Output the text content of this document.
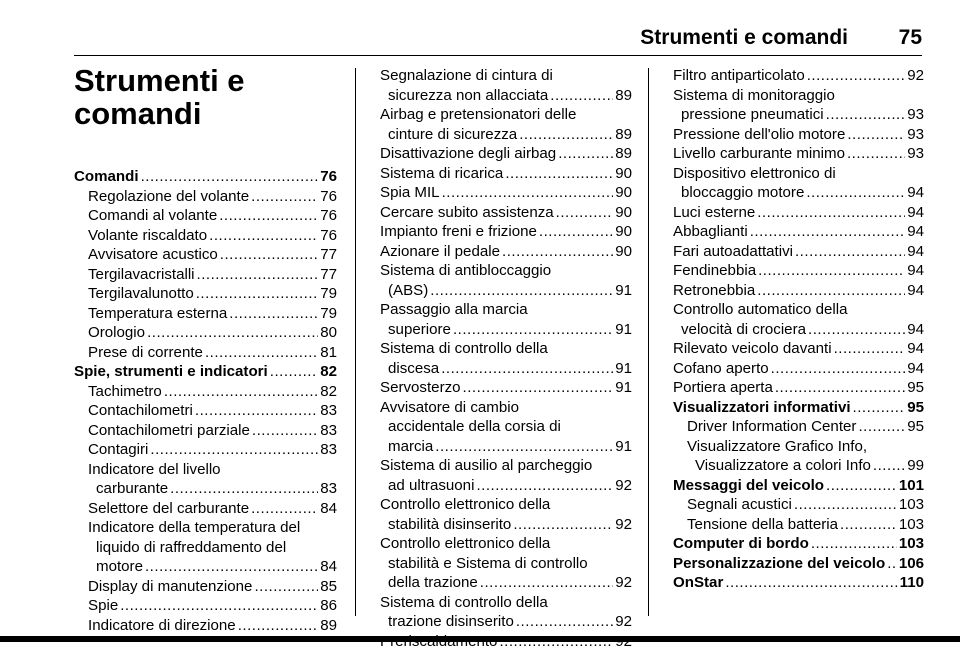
Strumenti e comandi 75
Strumenti e
comandi
Comandi .....	76
Regolazione del volante .....	76
Comandi al volante .....	76
Volante riscaldato .....	76
Avvisatore acustico .....	77
Tergilavacristalli .....	77
Tergilavalunotto .....	79
Temperatura esterna .....	79
Orologio .....	80
Prese di corrente .....	81
Spie, strumenti e indicatori .....	82
Tachimetro .....	82
Contachilometri .....	83
Contachilometri parziale .....	83
Contagiri .....	83
Indicatore del livello
carburante .....	83
Selettore del carburante .....	84
Indicatore della temperatura del
liquido di raffreddamento del
motore .....	84
Display di manutenzione .....	85
Spie .....	86
Indicatore di direzione .....	89
Segnalazione di cintura di
sicurezza non allacciata .....	89
Airbag e pretensionatori delle
cinture di sicurezza .....	89
Disattivazione degli airbag .....	89
Sistema di ricarica .....	90
Spia MIL .....	90
Cercare subito assistenza .....	90
Impianto freni e frizione .....	90
Azionare il pedale .....	90
Sistema di antibloccaggio
(ABS) .....	91
Passaggio alla marcia
superiore .....	91
Sistema di controllo della
discesa .....	91
Servosterzo .....	91
Avvisatore di cambio
accidentale della corsia di
marcia .....	91
Sistema di ausilio al parcheggio
ad ultrasuoni .....	92
Controllo elettronico della
stabilità disinserito .....	92
Controllo elettronico della
stabilità e Sistema di controllo
della trazione .....	92
Sistema di controllo della
trazione disinserito .....	92
.....
Filtro antiparticolato .....	92
Sistema di monitoraggio
pressione pneumatici .....	93
Pressione dell'olio motore .....	93
Livello carburante minimo .....	93
Dispositivo elettronico di
bloccaggio motore .....	94
Luci esterne .....	94
Abbaglianti .....	94
Fari autoadattativi .....	94
Fendinebbia .....	94
Retronebbia .....	94
Controllo automatico della
velocità di crociera .....	94
Rilevato veicolo davanti .....	94
Cofano aperto .....	94
Portiera aperta .....	95
Visualizzatori informativi .....	95
Driver Information Center .....	95
Visualizzatore Grafico Info,
Visualizzatore a colori Info ..... 99
Messaggi del veicolo .....	101
Segnali acustici .....	103
Tensione della batteria .....	103
Computer di bordo .....	103
Personalizzazione del veicolo ..... 106
OnStar .....	110
